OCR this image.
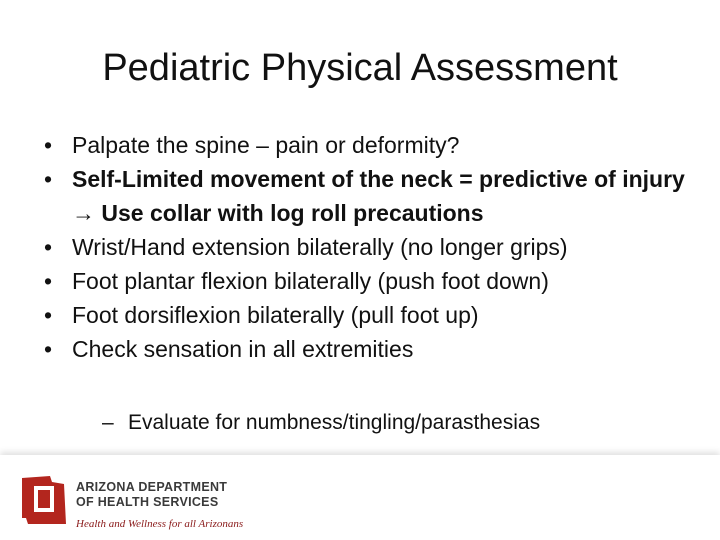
Pediatric Physical Assessment
• Palpate the spine – pain or deformity?
• Self-Limited movement of the neck = predictive of injury → Use collar with log roll precautions
• Wrist/Hand extension bilaterally (no longer grips)
• Foot plantar flexion bilaterally (push foot down)
• Foot dorsiflexion bilaterally (pull foot up)
• Check sensation in all extremities
– Evaluate for numbness/tingling/parasthesias
ARIZONA DEPARTMENT
OF HEALTH SERVICES
Health and Wellness for all Arizonans
